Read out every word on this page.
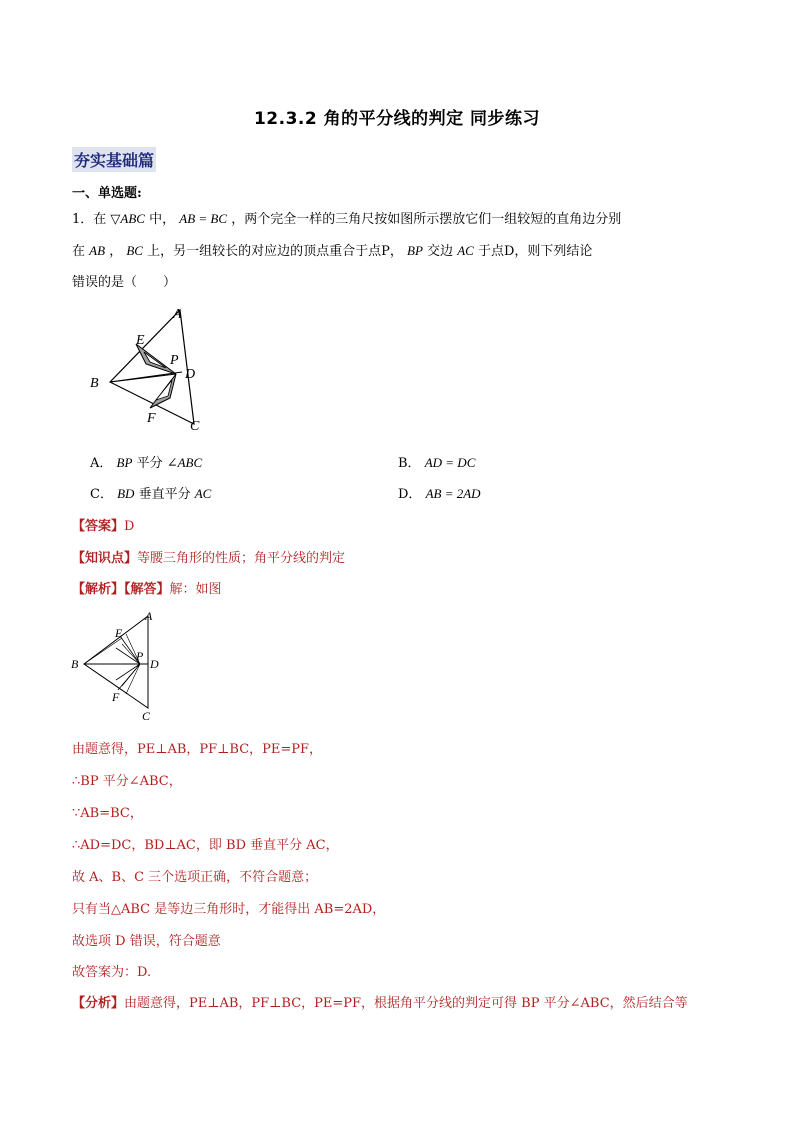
12.3.2 角的平分线的判定 同步练习
夯实基础篇
一、单选题:
1．在 ▽ABC 中， AB = BC ，两个完全一样的三角尺按如图所示摆放它们一组较短的直角边分别
在 AB ， BC 上，另一组较长的对应边的顶点重合于点P， BP 交边 AC 于点D，则下列结论
错误的是（　　）
A
E
P
D
B
F
C
A． BP 平分 ∠ABC	B． AD = DC
C． BD 垂直平分 AC	D． AB = 2AD
【答案】D
【知识点】等腰三角形的性质；角平分线的判定
【解析】【解答】解：如图
A
E
P
D
B
F
C
由题意得，PE⊥AB，PF⊥BC，PE=PF，
∴BP 平分∠ABC，
∵AB=BC，
∴AD=DC，BD⊥AC，即 BD 垂直平分 AC，
故 A、B、C 三个选项正确，不符合题意；
只有当△ABC 是等边三角形时，才能得出 AB=2AD，
故选项 D 错误，符合题意
故答案为：D.
【分析】由题意得，PE⊥AB，PF⊥BC，PE=PF，根据角平分线的判定可得 BP 平分∠ABC，然后结合等
